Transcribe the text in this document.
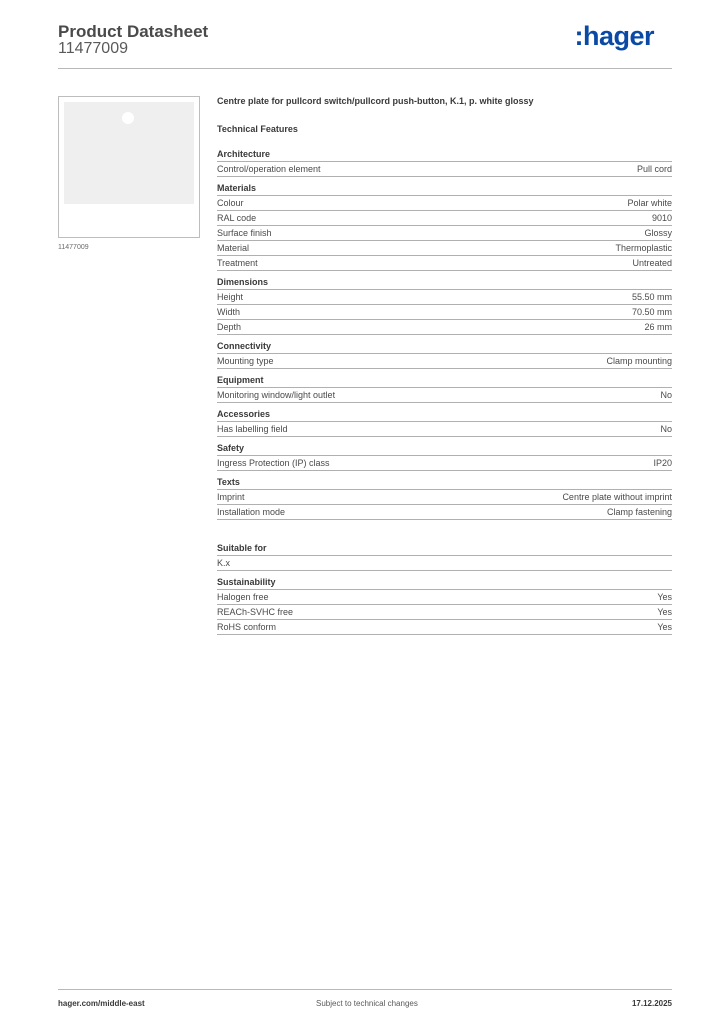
Product Datasheet
11477009	:hager
11477009
Centre plate for pullcord switch/pullcord push-button, K.1, p. white glossy
Technical Features
Architecture
Control/operation element	Pull cord
Materials
Colour	Polar white
RAL code	9010
Surface finish	Glossy
Material	Thermoplastic
Treatment	Untreated
Dimensions
Height	55.50 mm
Width	70.50 mm
Depth	26 mm
Connectivity
Mounting type	Clamp mounting
Equipment
Monitoring window/light outlet	No
Accessories
Has labelling field	No
Safety
Ingress Protection (IP) class	IP20
Texts
Imprint	Centre plate without imprint
Installation mode	Clamp fastening
Suitable for
K.x
Sustainability
Halogen free	Yes
REACh-SVHC free	Yes
RoHS conform	Yes
hager.com/middle-east	Subject to technical changes	17.12.2025
